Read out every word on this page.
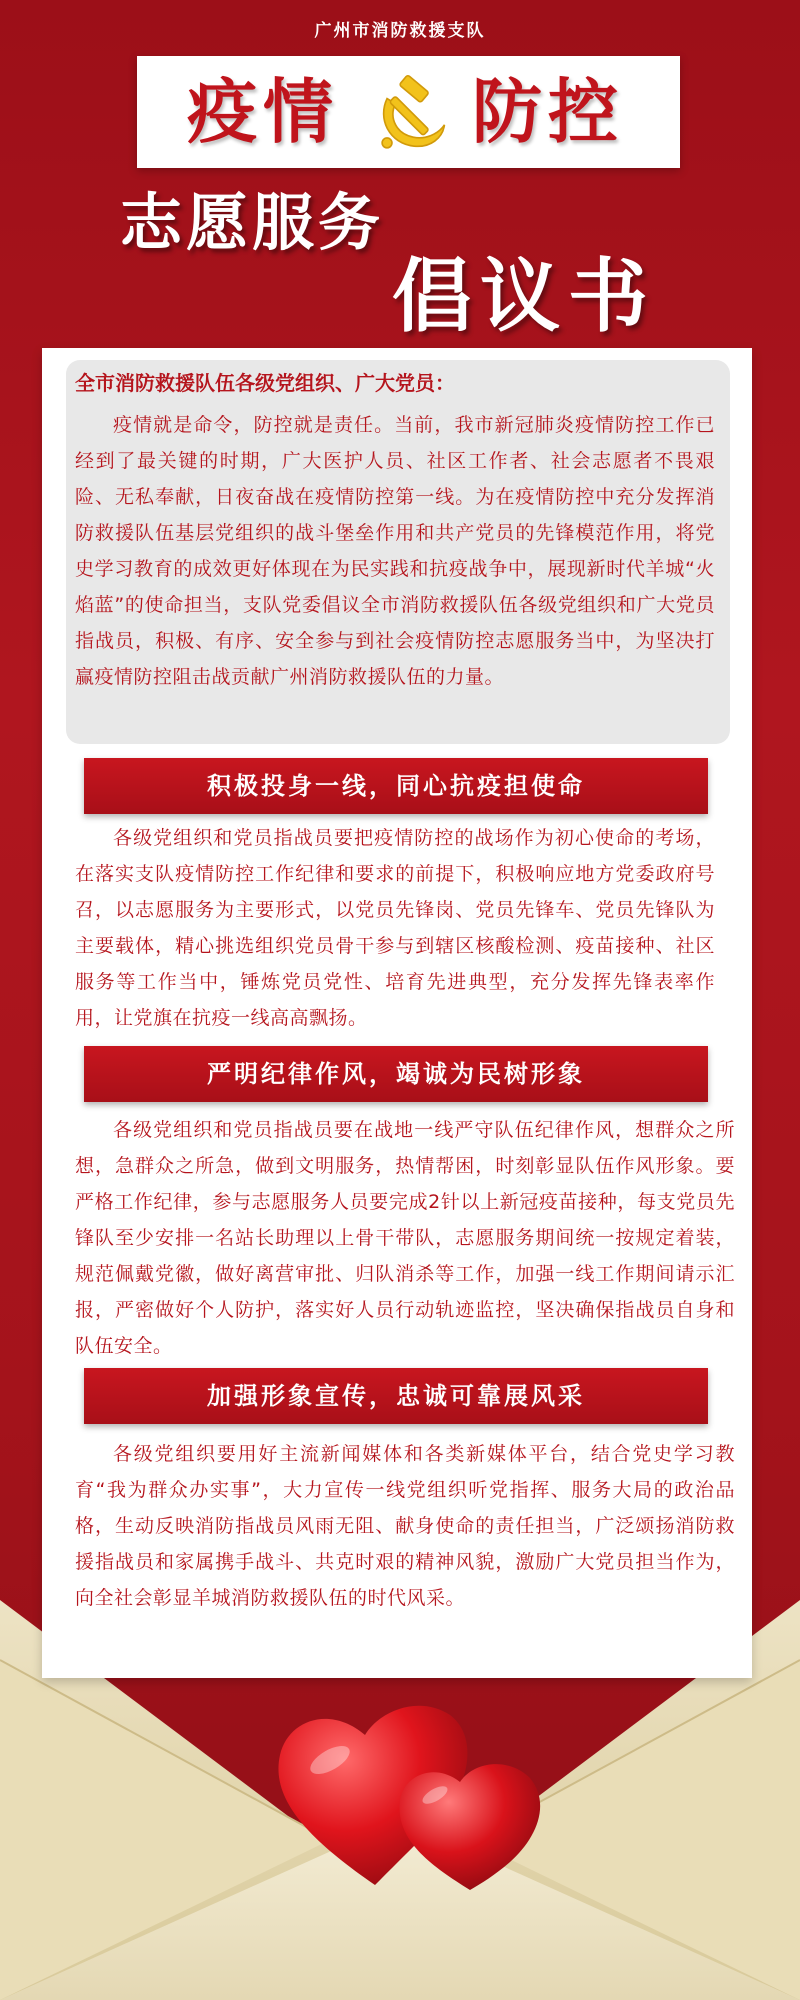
广州市消防救援支队
疫情 防控
志愿服务
倡议书
全市消防救援队伍各级党组织、广大党员：

疫情就是命令，防控就是责任。当前，我市新冠肺炎疫情防控工作已经到了最关键的时期，广大医护人员、社区工作者、社会志愿者不畏艰险、无私奉献，日夜奋战在疫情防控第一线。为在疫情防控中充分发挥消防救援队伍基层党组织的战斗堡垒作用和共产党员的先锋模范作用，将党史学习教育的成效更好体现在为民实践和抗疫战争中，展现新时代羊城“火焰蓝”的使命担当，支队党委倡议全市消防救援队伍各级党组织和广大党员指战员，积极、有序、安全参与到社会疫情防控志愿服务当中，为坚决打赢疫情防控阻击战贡献广州消防救援队伍的力量。

积极投身一线，同心抗疫担使命

各级党组织和党员指战员要把疫情防控的战场作为初心使命的考场，在落实支队疫情防控工作纪律和要求的前提下，积极响应地方党委政府号召，以志愿服务为主要形式，以党员先锋岗、党员先锋车、党员先锋队为主要载体，精心挑选组织党员骨干参与到辖区核酸检测、疫苗接种、社区服务等工作当中，锤炼党员党性、培育先进典型，充分发挥先锋表率作用，让党旗在抗疫一线高高飘扬。

严明纪律作风，竭诚为民树形象

各级党组织和党员指战员要在战地一线严守队伍纪律作风，想群众之所想，急群众之所急，做到文明服务，热情帮困，时刻彰显队伍作风形象。要严格工作纪律，参与志愿服务人员要完成2针以上新冠疫苗接种，每支党员先锋队至少安排一名站长助理以上骨干带队，志愿服务期间统一按规定着装，规范佩戴党徽，做好离营审批、归队消杀等工作，加强一线工作期间请示汇报，严密做好个人防护，落实好人员行动轨迹监控，坚决确保指战员自身和队伍安全。

加强形象宣传，忠诚可靠展风采

各级党组织要用好主流新闻媒体和各类新媒体平台，结合党史学习教育“我为群众办实事”，大力宣传一线党组织听党指挥、服务大局的政治品格，生动反映消防指战员风雨无阻、献身使命的责任担当，广泛颂扬消防救援指战员和家属携手战斗、共克时艰的精神风貌，激励广大党员担当作为，向全社会彰显羊城消防救援队伍的时代风采。
